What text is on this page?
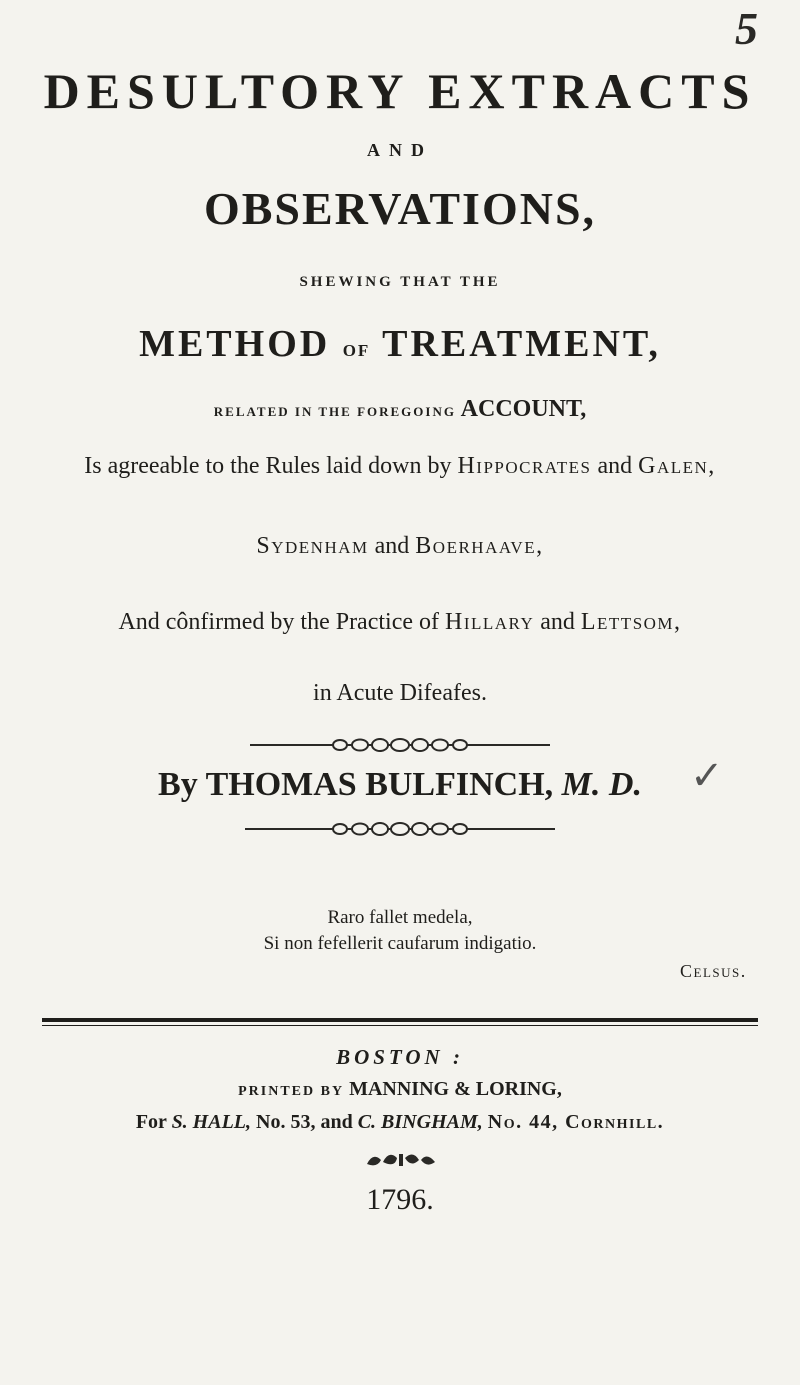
5
DESULTORY EXTRACTS
AND
OBSERVATIONS,
SHEWING THAT THE
METHOD OF TREATMENT,
RELATED IN THE FOREGOING ACCOUNT,
Is agreeable to the Rules laid down by Hippocrates and Galen,
Sydenham and Boerhaave,
And cônfirmed by the Practice of Hillary and Lettsom,
in Acute Difeafes.
✓
By THOMAS BULFINCH, M. D.
Raro fallet medela,
Si non fefellerit caufarum indigatio.
Celsus.
BOSTON :
PRINTED BY MANNING & LORING,
For S. HALL, No. 53, and C. BINGHAM, No. 44, Cornhill.
1796.
